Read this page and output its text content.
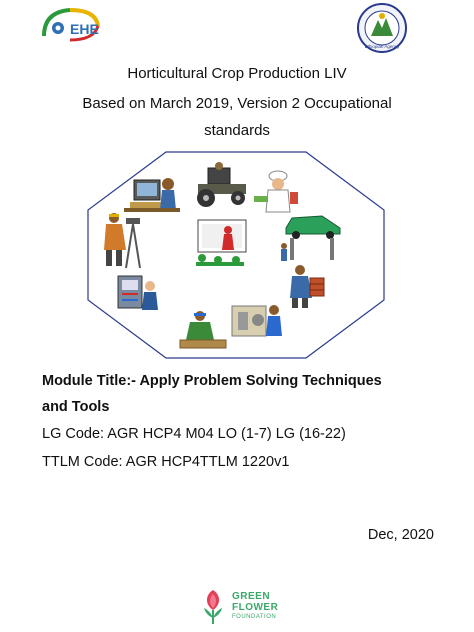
EHE
Ethiopian Agency
Horticultural Crop Production LIV
Based on March 2019, Version 2 Occupational
standards
Module Title:- Apply Problem Solving Techniques
and Tools
LG Code: AGR HCP4 M04 LO (1-7) LG (16-22)
TTLM Code: AGR HCP4TTLM 1220v1
Dec, 2020
GREEN
FLOWER
FOUNDATION
